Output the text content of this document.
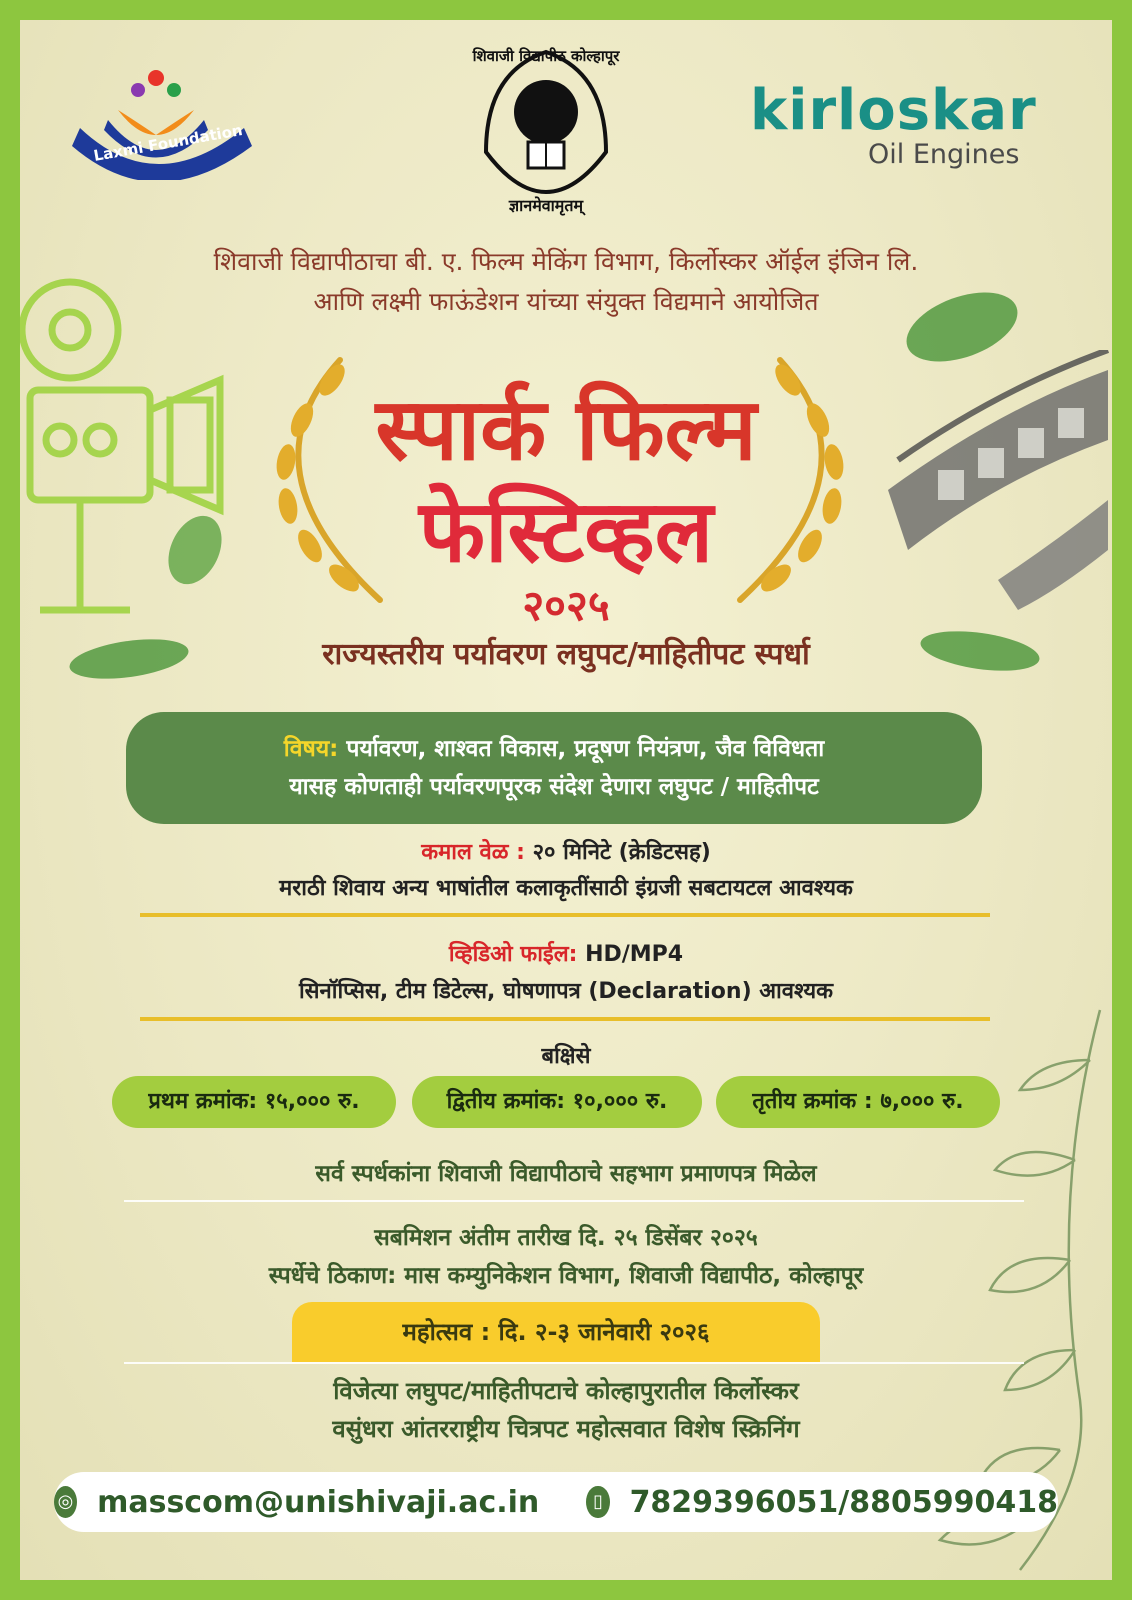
Laxmi Foundation
शिवाजी विद्यापीठ कोल्हापूर
ज्ञानमेवामृतम्
kirloskar
Oil Engines
शिवाजी विद्यापीठाचा बी. ए. फिल्म मेकिंग विभाग, किर्लोस्कर ऑईल इंजिन लि.
आणि लक्ष्मी फाऊंडेशन यांच्या संयुक्त विद्यमाने आयोजित
स्पार्क फिल्म
फेस्टिव्हल
२०२५
राज्यस्तरीय पर्यावरण लघुपट/माहितीपट स्पर्धा
विषय: पर्यावरण, शाश्वत विकास, प्रदूषण नियंत्रण, जैव विविधता
यासह कोणताही पर्यावरणपूरक संदेश देणारा लघुपट / माहितीपट
कमाल वेळ : २० मिनिटे (क्रेडिटसह)
मराठी शिवाय अन्य भाषांतील कलाकृतींसाठी इंग्रजी सबटायटल आवश्यक
व्हिडिओ फाईल: HD/MP4
सिनॉप्सिस, टीम डिटेल्स, घोषणापत्र (Declaration) आवश्यक
बक्षिसे
प्रथम क्रमांक: १५,००० रु.	द्वितीय क्रमांक: १०,००० रु.	तृतीय क्रमांक : ७,००० रु.
सर्व स्पर्धकांना शिवाजी विद्यापीठाचे सहभाग प्रमाणपत्र मिळेल
सबमिशन अंतीम तारीख दि. २५ डिसेंबर २०२५
स्पर्धेचे ठिकाण: मास कम्युनिकेशन विभाग, शिवाजी विद्यापीठ, कोल्हापूर
महोत्सव : दि. २-३ जानेवारी २०२६
विजेत्या लघुपट/माहितीपटाचे कोल्हापुरातील किर्लोस्कर
वसुंधरा आंतरराष्ट्रीय चित्रपट महोत्सवात विशेष स्क्रिनिंग
◎ masscom@unishivaji.ac.in	▯ 7829396051/8805990418
